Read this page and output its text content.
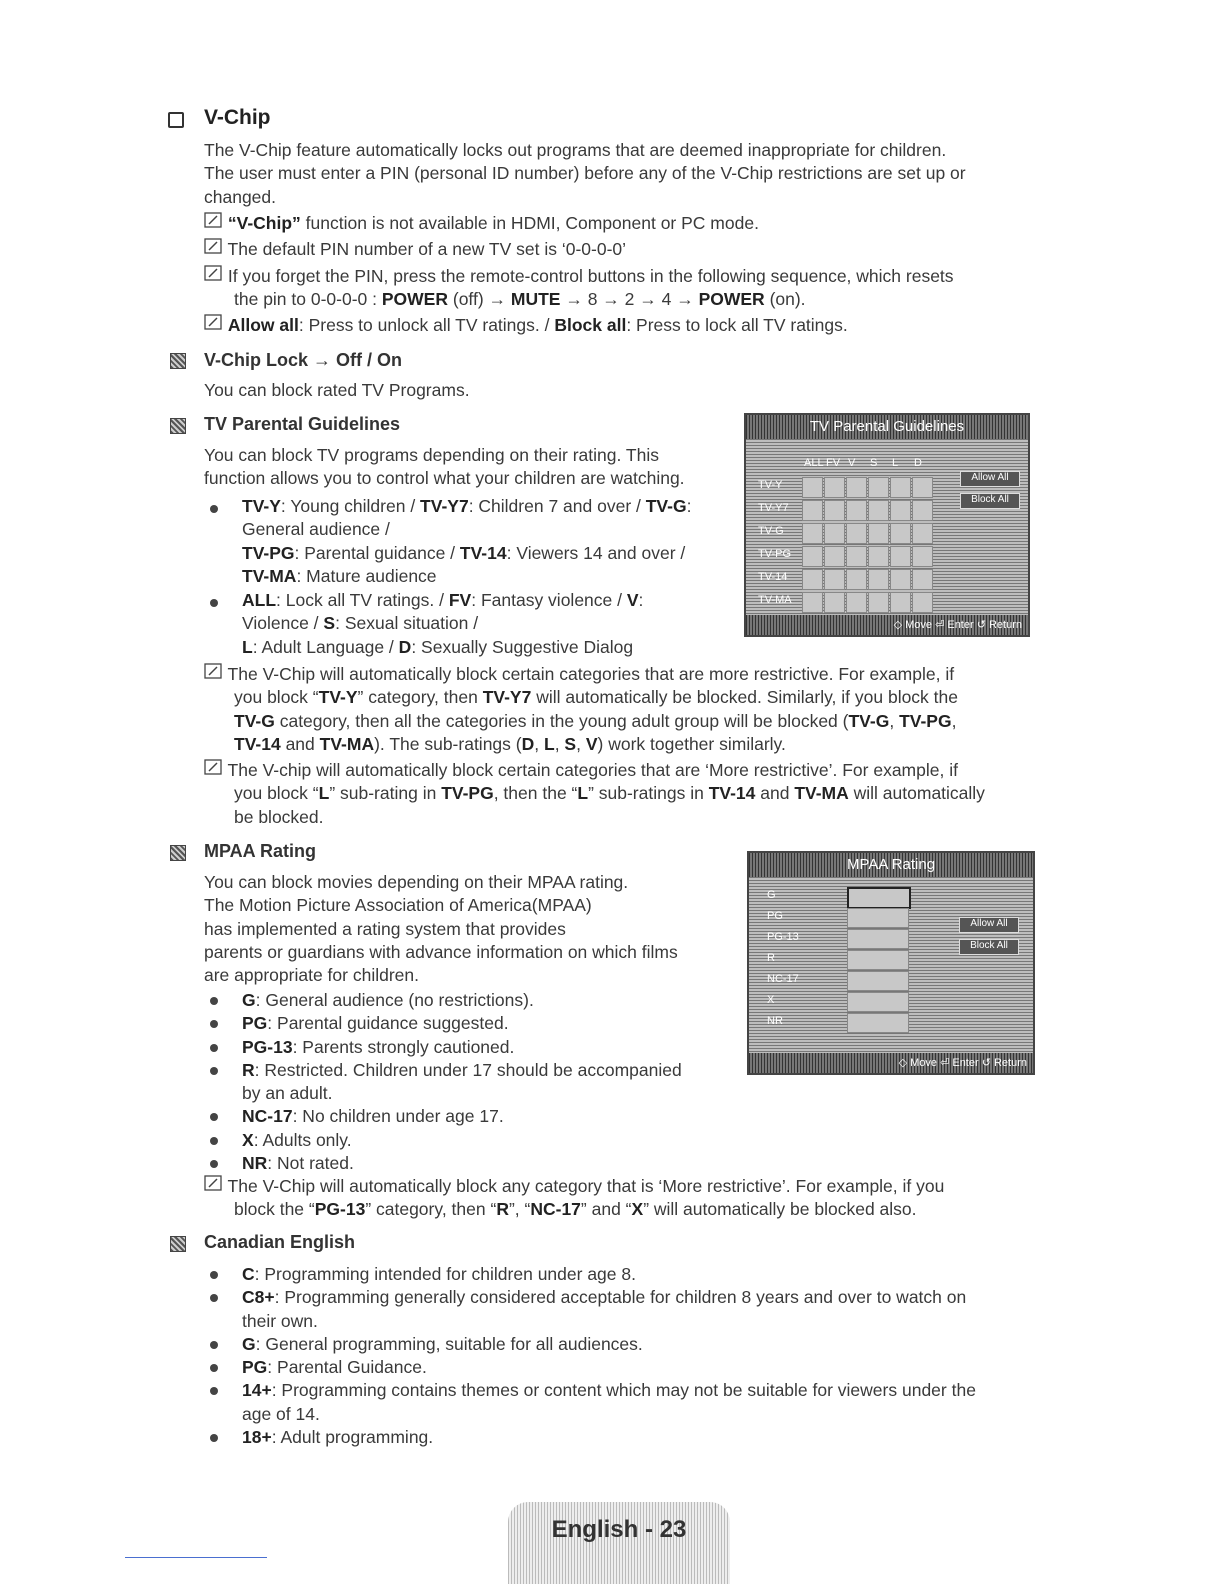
V-Chip
The V-Chip feature automatically locks out programs that are deemed inappropriate for children.
The user must enter a PIN (personal ID number) before any of the V-Chip restrictions are set up or
changed.
“V-Chip” function is not available in HDMI, Component or PC mode.
The default PIN number of a new TV set is ‘0-0-0-0’
If you forget the PIN, press the remote-control buttons in the following sequence, which resets
the pin to 0-0-0-0 : POWER (off) → MUTE → 8 → 2 → 4 → POWER (on).
Allow all: Press to unlock all TV ratings. / Block all: Press to lock all TV ratings.
V-Chip Lock → Off / On
You can block rated TV Programs.
TV Parental Guidelines
You can block TV programs depending on their rating. This
function allows you to control what your children are watching.
TV-Y: Young children / TV-Y7: Children 7 and over / TV-G:
General audience /
TV-PG: Parental guidance / TV-14: Viewers 14 and over /
TV-MA: Mature audience
ALL: Lock all TV ratings. / FV: Fantasy violence / V:
Violence / S: Sexual situation /
L: Adult Language / D: Sexually Suggestive Dialog
The V-Chip will automatically block certain categories that are more restrictive. For example, if
you block “TV-Y” category, then TV-Y7 will automatically be blocked. Similarly, if you block the
TV-G category, then all the categories in the young adult group will be blocked (TV-G, TV-PG,
TV-14 and TV-MA). The sub-ratings (D, L, S, V) work together similarly.
The V-chip will automatically block certain categories that are ‘More restrictive’. For example, if
you block “L” sub-rating in TV-PG, then the “L” sub-ratings in TV-14 and TV-MA will automatically
be blocked.
TV Parental Guidelines
ALL FV V S L D
TV-Y
TV-Y7
TV-G
TV-PG
TV-14
TV-MA
Allow All
Block All
◇ Move ⏎ Enter ↺ Return
MPAA Rating
You can block movies depending on their MPAA rating.
The Motion Picture Association of America(MPAA)
has implemented a rating system that provides
parents or guardians with advance information on which films
are appropriate for children.
G: General audience (no restrictions).
PG: Parental guidance suggested.
PG-13: Parents strongly cautioned.
R: Restricted. Children under 17 should be accompanied
by an adult.
NC-17: No children under age 17.
X: Adults only.
NR: Not rated.
The V-Chip will automatically block any category that is ‘More restrictive’. For example, if you
block the “PG-13” category, then “R”, “NC-17” and “X” will automatically be blocked also.
MPAA Rating
G
PG
PG-13
R
NC-17
X
NR
Allow All
Block All
◇ Move ⏎ Enter ↺ Return
Canadian English
C: Programming intended for children under age 8.
C8+: Programming generally considered acceptable for children 8 years and over to watch on
their own.
G: General programming, suitable for all audiences.
PG: Parental Guidance.
14+: Programming contains themes or content which may not be suitable for viewers under the
age of 14.
18+: Adult programming.
English - 23
